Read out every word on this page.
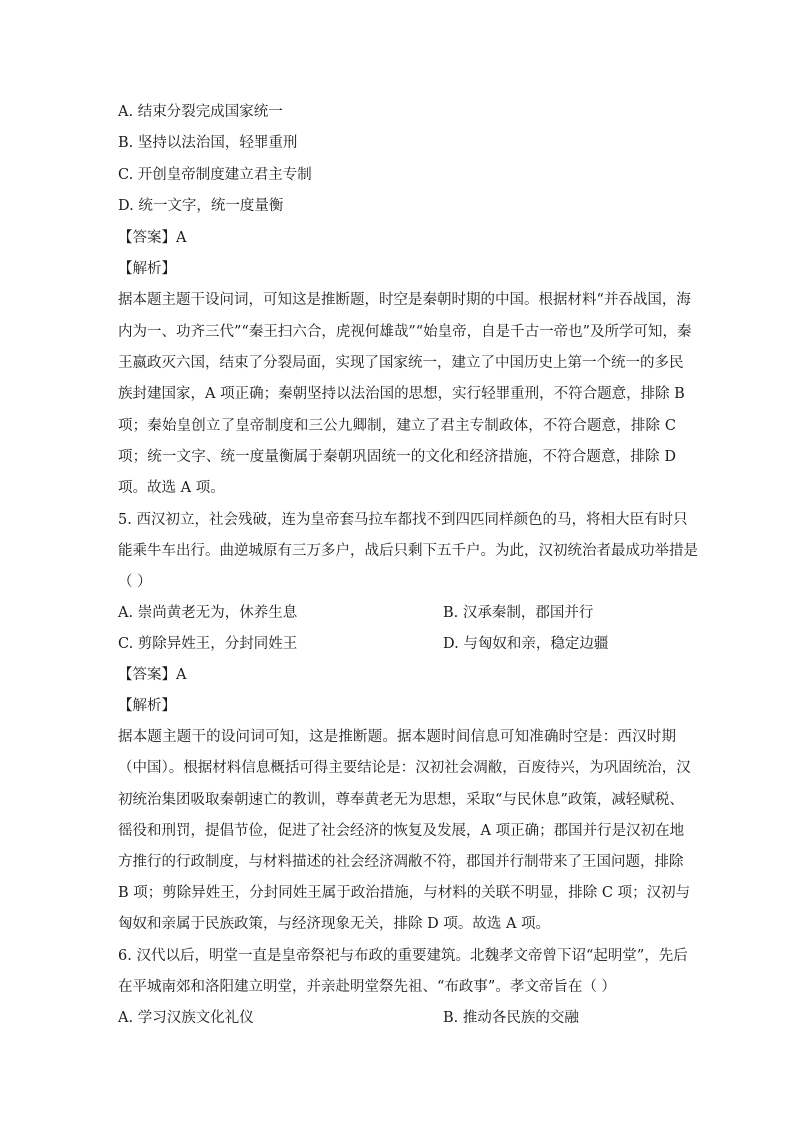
A. 结束分裂完成国家统一
B. 坚持以法治国，轻罪重刑
C. 开创皇帝制度建立君主专制
D. 统一文字，统一度量衡
【答案】A
【解析】
据本题主题干设问词，可知这是推断题，时空是秦朝时期的中国。根据材料“并吞战国，海
内为一、功齐三代”“秦王扫六合，虎视何雄哉”“始皇帝，自是千古一帝也”及所学可知，秦
王嬴政灭六国，结束了分裂局面，实现了国家统一，建立了中国历史上第一个统一的多民
族封建国家，A 项正确；秦朝坚持以法治国的思想，实行轻罪重刑，不符合题意，排除 B
项；秦始皇创立了皇帝制度和三公九卿制，建立了君主专制政体，不符合题意，排除 C
项；统一文字、统一度量衡属于秦朝巩固统一的文化和经济措施，不符合题意，排除 D
项。故选 A 项。
5. 西汉初立，社会残破，连为皇帝套马拉车都找不到四匹同样颜色的马，将相大臣有时只
能乘牛车出行。曲逆城原有三万多户，战后只剩下五千户。为此，汉初统治者最成功举措是
（ ）
A. 崇尚黄老无为，休养生息	B. 汉承秦制，郡国并行
C. 剪除异姓王，分封同姓王	D. 与匈奴和亲，稳定边疆
【答案】A
【解析】
据本题主题干的设问词可知，这是推断题。据本题时间信息可知准确时空是：西汉时期
（中国）。根据材料信息概括可得主要结论是：汉初社会凋敝，百废待兴，为巩固统治，汉
初统治集团吸取秦朝速亡的教训，尊奉黄老无为思想，采取“与民休息”政策，减轻赋税、
徭役和刑罚，提倡节俭，促进了社会经济的恢复及发展，A 项正确；郡国并行是汉初在地
方推行的行政制度，与材料描述的社会经济凋敝不符，郡国并行制带来了王国问题，排除
B 项；剪除异姓王，分封同姓王属于政治措施，与材料的关联不明显，排除 C 项；汉初与
匈奴和亲属于民族政策，与经济现象无关，排除 D 项。故选 A 项。
6. 汉代以后，明堂一直是皇帝祭祀与布政的重要建筑。北魏孝文帝曾下诏“起明堂”，先后
在平城南郊和洛阳建立明堂，并亲赴明堂祭先祖、“布政事”。孝文帝旨在（ ）
A. 学习汉族文化礼仪	B. 推动各民族的交融
